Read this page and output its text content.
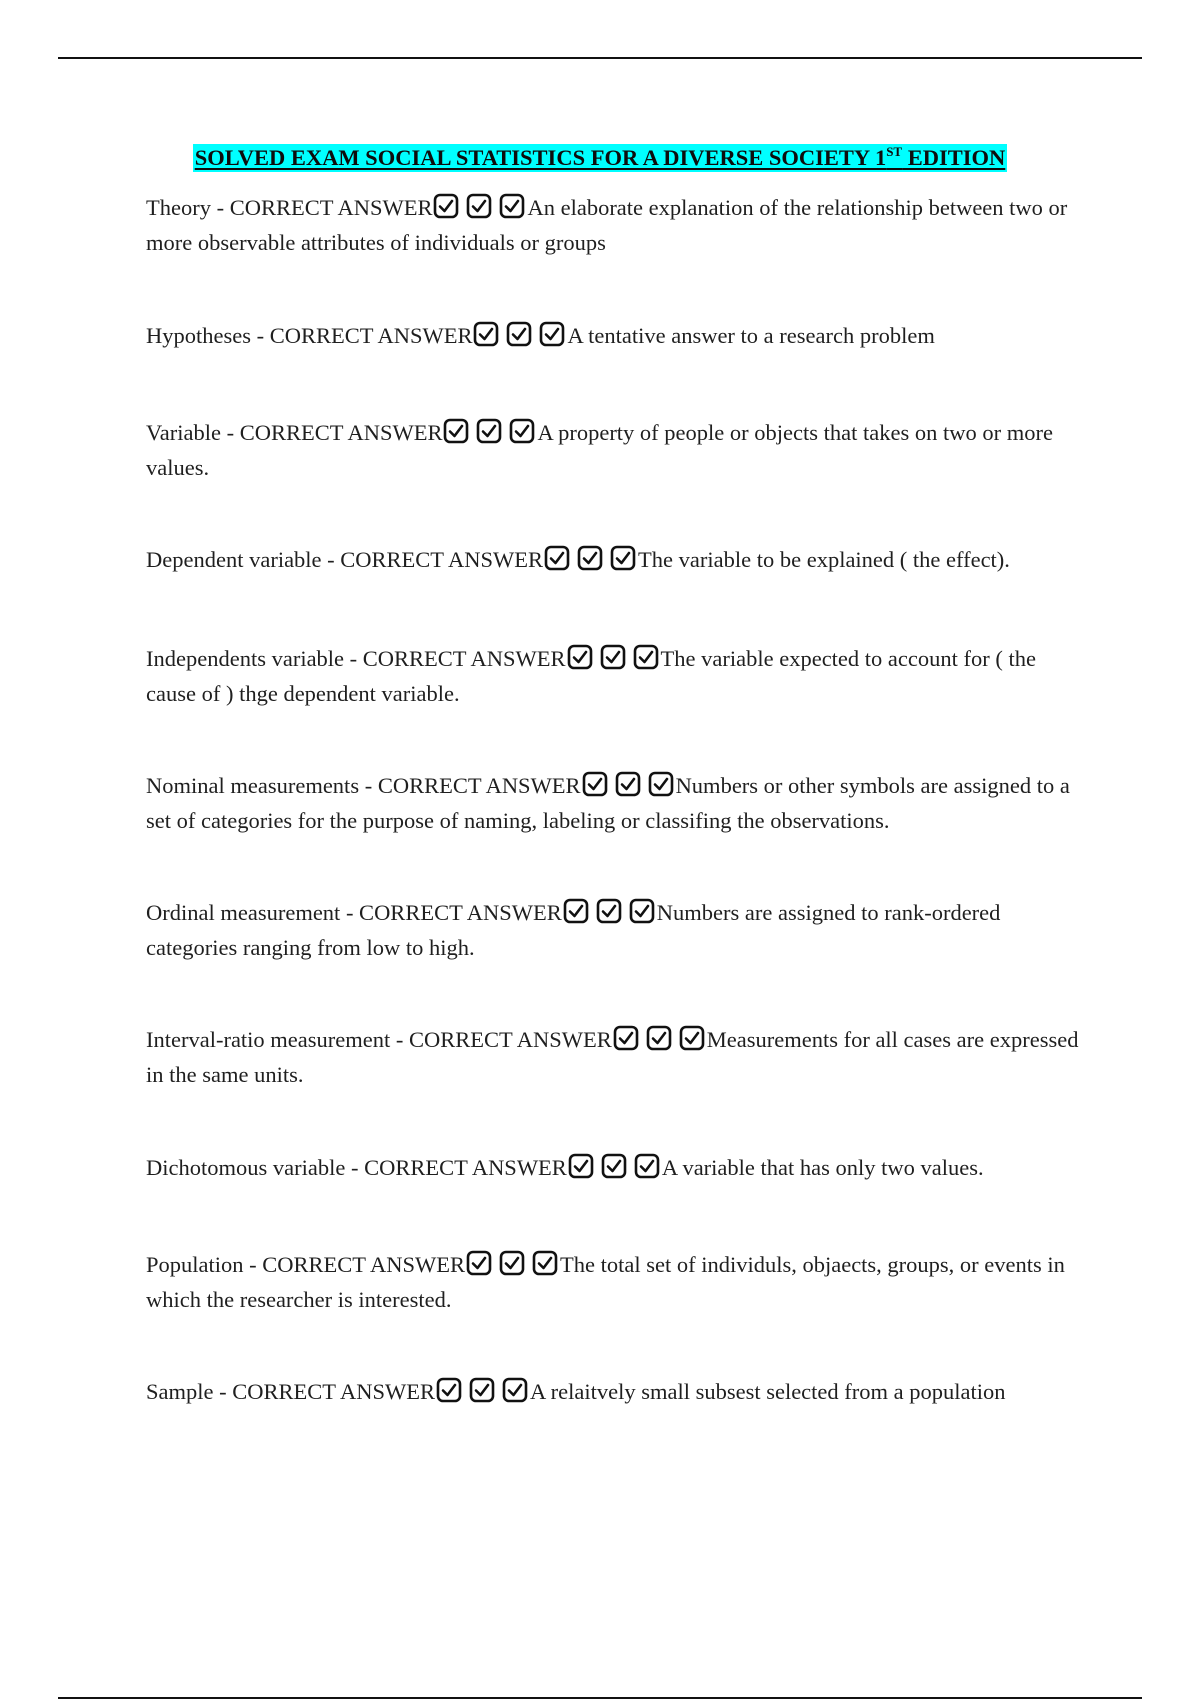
SOLVED EXAM SOCIAL STATISTICS FOR A DIVERSE SOCIETY 1ST EDITION
Theory - CORRECT ANSWER	An elaborate explanation of the relationship between two or more observable attributes of individuals or groups
Hypotheses - CORRECT ANSWER	A tentative answer to a research problem
Variable - CORRECT ANSWER	A property of people or objects that takes on two or more values.
Dependent variable - CORRECT ANSWER	The variable to be explained ( the effect).
Independents variable - CORRECT ANSWER	The variable expected to account for ( the cause of ) thge dependent variable.
Nominal measurements - CORRECT ANSWER	Numbers or other symbols are assigned to a set of categories for the purpose of naming, labeling or classifing the observations.
Ordinal measurement - CORRECT ANSWER	Numbers are assigned to rank-ordered categories ranging from low to high.
Interval-ratio measurement - CORRECT ANSWER	Measurements for all cases are expressed in the same units.
Dichotomous variable - CORRECT ANSWER	A variable that has only two values.
Population - CORRECT ANSWER	The total set of individuls, objaects, groups, or events in which the researcher is interested.
Sample - CORRECT ANSWER	A relaitvely small subsest selected from a population
